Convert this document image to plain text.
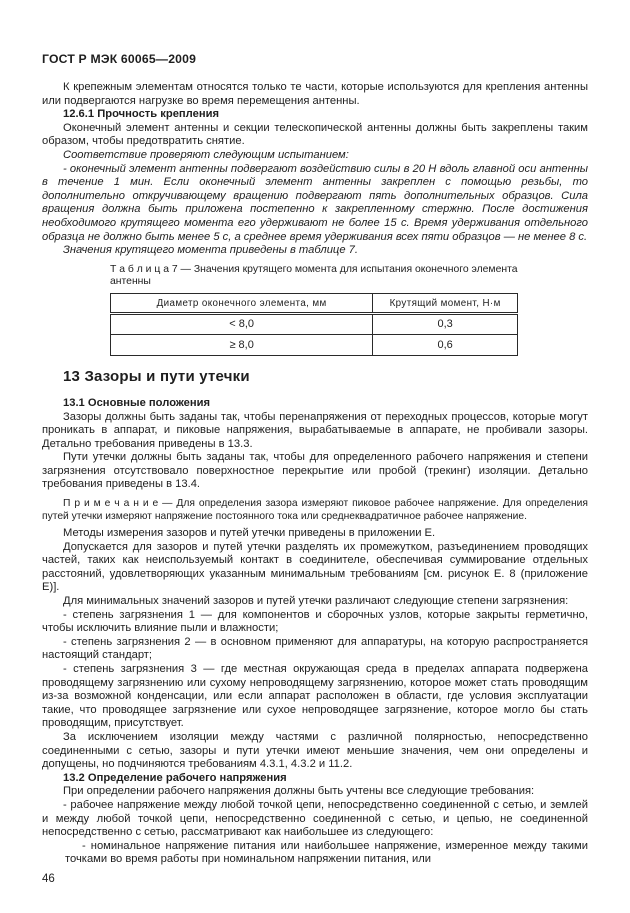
ГОСТ Р МЭК 60065—2009

К крепежным элементам относятся только те части, которые используются для крепления антенны или подвергаются нагрузке во время перемещения антенны.

12.6.1 Прочность крепления

Оконечный элемент антенны и секции телескопической антенны должны быть закреплены таким образом, чтобы предотвратить снятие.

Соответствие проверяют следующим испытанием:

- оконечный элемент антенны подвергают воздействию силы в 20 Н вдоль главной оси антенны в течение 1 мин. Если оконечный элемент антенны закреплен с помощью резьбы, то дополнительно откручивающему вращению подвергают пять дополнительных образцов. Сила вращения должна быть приложена постепенно к закрепленному стержню. После достижения необходимого крутящего момента его удерживают не более 15 с. Время удерживания отдельного образца не должно быть менее 5 с, а среднее время удерживания всех пяти образцов — не менее 8 с.

Значения крутящего момента приведены в таблице 7.

Т а б л и ц а 7 — Значения крутящего момента для испытания оконечного элемента антенны
Диаметр оконечного элемента, мм	Крутящий момент, Н·м
< 8,0	0,3
≥ 8,0	0,6
13 Зазоры и пути утечки

13.1 Основные положения

Зазоры должны быть заданы так, чтобы перенапряжения от переходных процессов, которые могут проникать в аппарат, и пиковые напряжения, вырабатываемые в аппарате, не пробивали зазоры. Детально требования приведены в 13.3.

Пути утечки должны быть заданы так, чтобы для определенного рабочего напряжения и степени загрязнения отсутствовало поверхностное перекрытие или пробой (трекинг) изоляции. Детально требования приведены в 13.4.

П р и м е ч а н и е — Для определения зазора измеряют пиковое рабочее напряжение. Для определения путей утечки измеряют напряжение постоянного тока или среднеквадратичное рабочее напряжение.

Методы измерения зазоров и путей утечки приведены в приложении Е.

Допускается для зазоров и путей утечки разделять их промежутком, разъединением проводящих частей, таких как неиспользуемый контакт в соединителе, обеспечивая суммирование отдельных расстояний, удовлетворяющих указанным минимальным требованиям [см. рисунок Е. 8 (приложение Е)].

Для минимальных значений зазоров и путей утечки различают следующие степени загрязнения:

- степень загрязнения 1 — для компонентов и сборочных узлов, которые закрыты герметично, чтобы исключить влияние пыли и влажности;

- степень загрязнения 2 — в основном применяют для аппаратуры, на которую распространяется настоящий стандарт;

- степень загрязнения 3 — где местная окружающая среда в пределах аппарата подвержена проводящему загрязнению или сухому непроводящему загрязнению, которое может стать проводящим из-за возможной конденсации, или если аппарат расположен в области, где условия эксплуатации такие, что проводящее загрязнение или сухое непроводящее загрязнение, которое могло бы стать проводящим, присутствует.

За исключением изоляции между частями с различной полярностью, непосредственно соединенными с сетью, зазоры и пути утечки имеют меньшие значения, чем они определены и допущены, но подчиняются требованиям 4.3.1, 4.3.2 и 11.2.

13.2 Определение рабочего напряжения

При определении рабочего напряжения должны быть учтены все следующие требования:

- рабочее напряжение между любой точкой цепи, непосредственно соединенной с сетью, и землей и между любой точкой цепи, непосредственно соединенной с сетью, и цепью, не соединенной непосредственно с сетью, рассматривают как наибольшее из следующего:

- номинальное напряжение питания или наибольшее напряжение, измеренное между такими точками во время работы при номинальном напряжении питания, или

46
